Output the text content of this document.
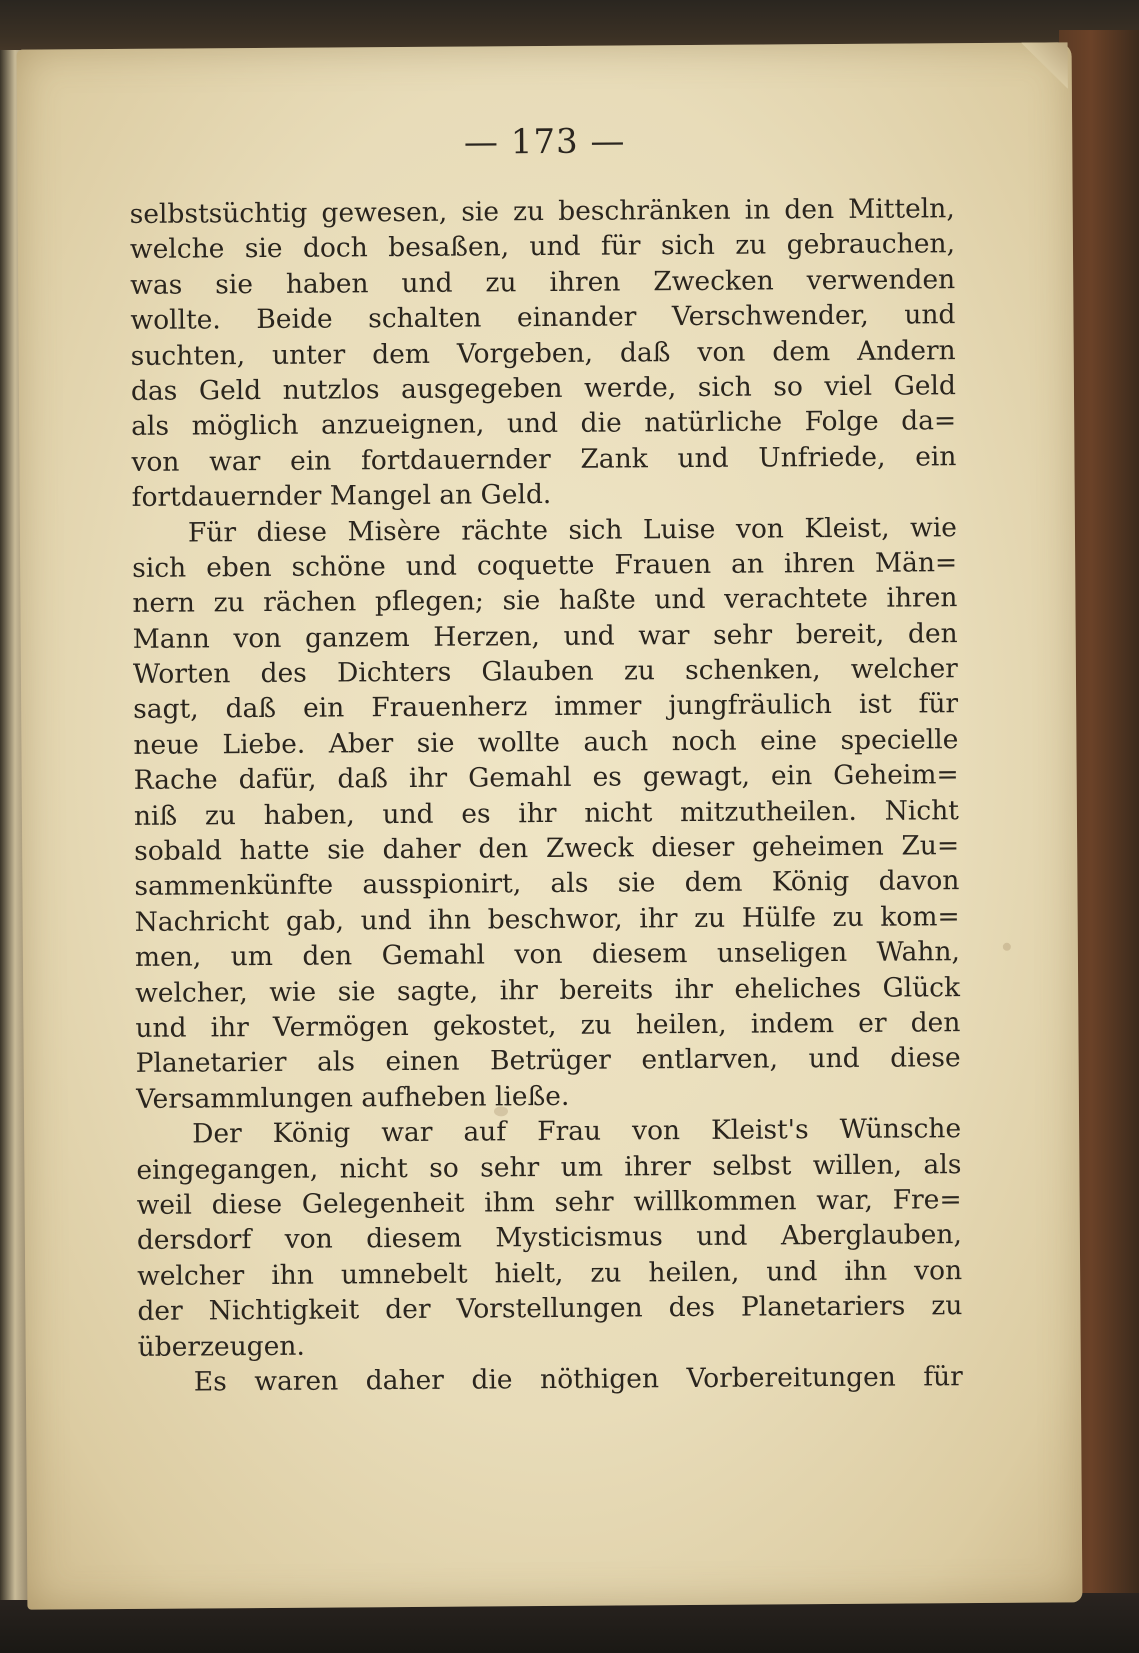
— 173 —
selbstsüchtig gewesen, sie zu beschränken in den Mitteln,
welche sie doch besaßen, und für sich zu gebrauchen,
was sie haben und zu ihren Zwecken verwenden
wollte. Beide schalten einander Verschwender, und
suchten, unter dem Vorgeben, daß von dem Andern
das Geld nutzlos ausgegeben werde, sich so viel Geld
als möglich anzueignen, und die natürliche Folge da=
von war ein fortdauernder Zank und Unfriede, ein
fortdauernder Mangel an Geld.
Für diese Misère rächte sich Luise von Kleist, wie
sich eben schöne und coquette Frauen an ihren Män=
nern zu rächen pflegen; sie haßte und verachtete ihren
Mann von ganzem Herzen, und war sehr bereit, den
Worten des Dichters Glauben zu schenken, welcher
sagt, daß ein Frauenherz immer jungfräulich ist für
neue Liebe. Aber sie wollte auch noch eine specielle
Rache dafür, daß ihr Gemahl es gewagt, ein Geheim=
niß zu haben, und es ihr nicht mitzutheilen. Nicht
sobald hatte sie daher den Zweck dieser geheimen Zu=
sammenkünfte ausspionirt, als sie dem König davon
Nachricht gab, und ihn beschwor, ihr zu Hülfe zu kom=
men, um den Gemahl von diesem unseligen Wahn,
welcher, wie sie sagte, ihr bereits ihr eheliches Glück
und ihr Vermögen gekostet, zu heilen, indem er den
Planetarier als einen Betrüger entlarven, und diese
Versammlungen aufheben ließe.
Der König war auf Frau von Kleist's Wünsche
eingegangen, nicht so sehr um ihrer selbst willen, als
weil diese Gelegenheit ihm sehr willkommen war, Fre=
dersdorf von diesem Mysticismus und Aberglauben,
welcher ihn umnebelt hielt, zu heilen, und ihn von
der Nichtigkeit der Vorstellungen des Planetariers zu
überzeugen.
Es waren daher die nöthigen Vorbereitungen für
